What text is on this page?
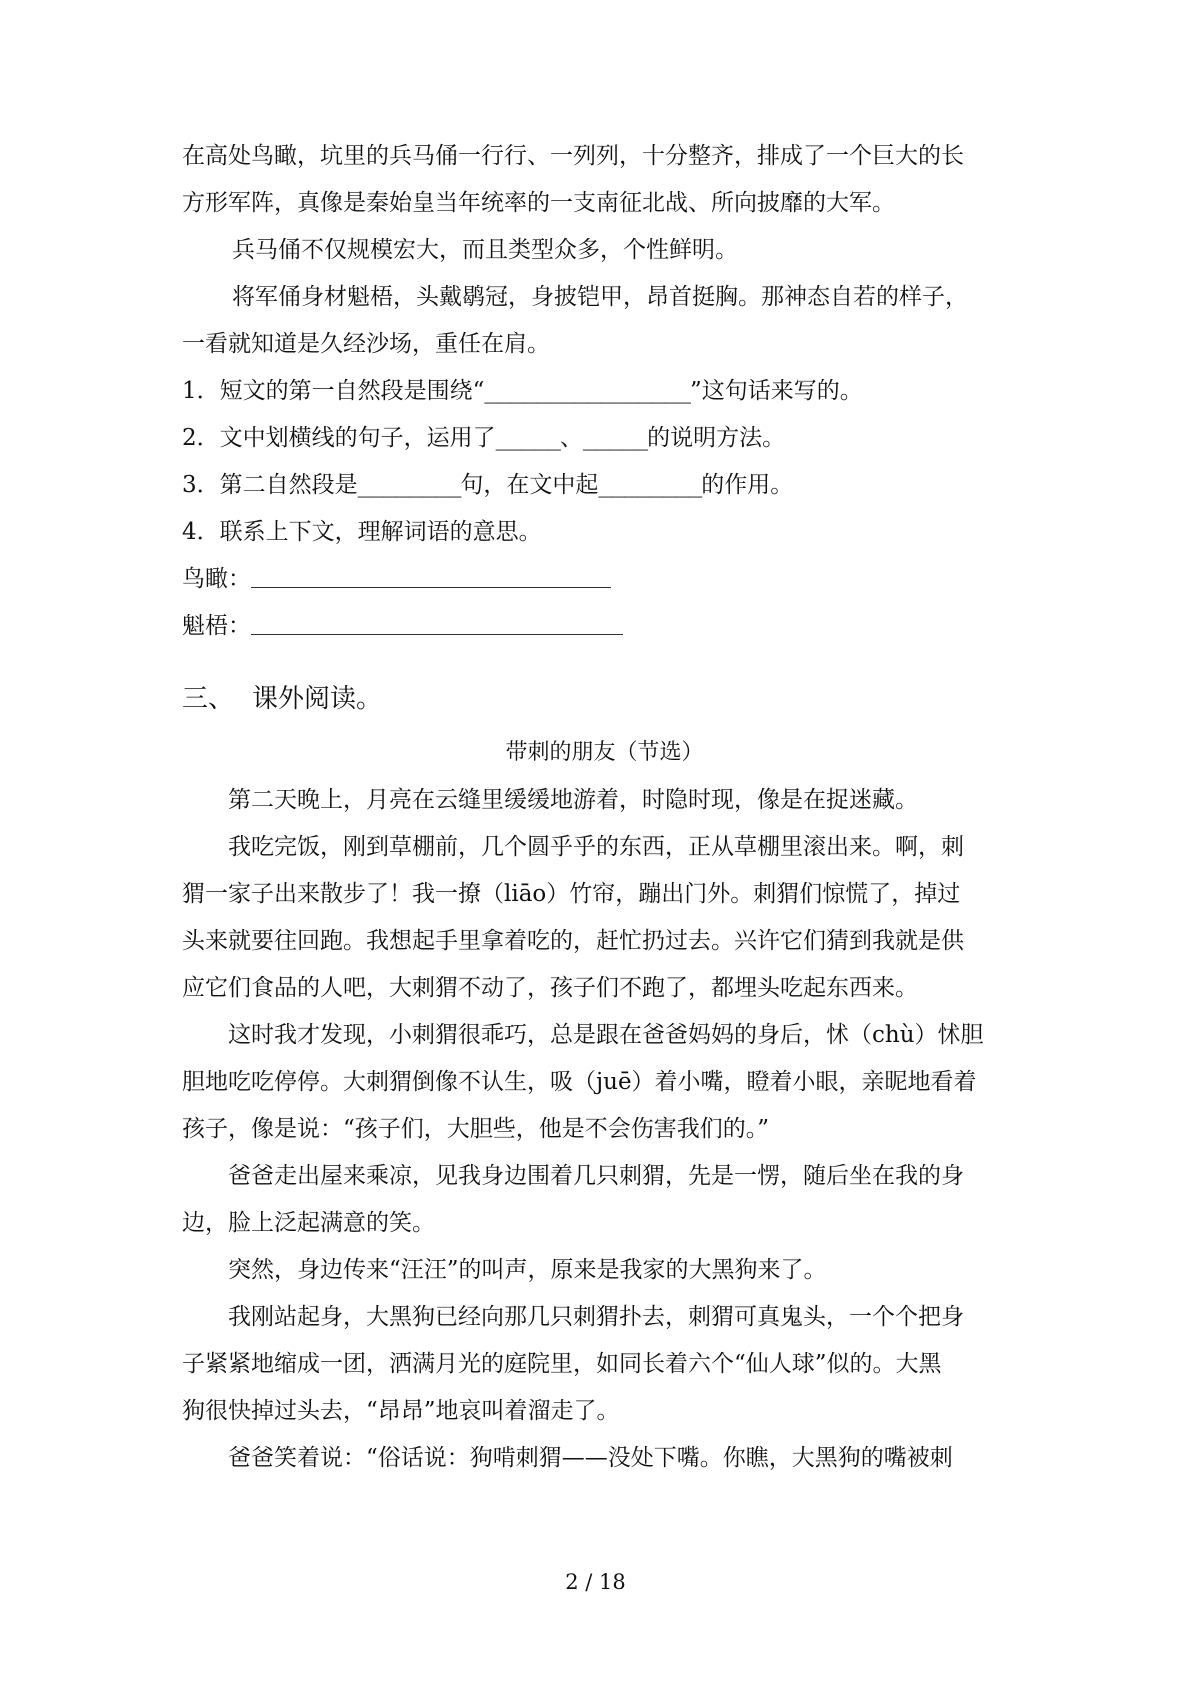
在高处鸟瞰，坑里的兵马俑一行行、一列列，十分整齐，排成了一个巨大的长
方形军阵，真像是秦始皇当年统率的一支南征北战、所向披靡的大军。
兵马俑不仅规模宏大，而且类型众多，个性鲜明。
将军俑身材魁梧，头戴鹖冠，身披铠甲，昂首挺胸。那神态自若的样子，
一看就知道是久经沙场，重任在肩。
1．短文的第一自然段是围绕“________________”这句话来写的。
2．文中划横线的句子，运用了_____、_____的说明方法。
3．第二自然段是________句，在文中起________的作用。
4．联系上下文，理解词语的意思。
鸟瞰：
魁梧：
三、 课外阅读。
带刺的朋友（节选）
第二天晚上，月亮在云缝里缓缓地游着，时隐时现，像是在捉迷藏。
我吃完饭，刚到草棚前，几个圆乎乎的东西，正从草棚里滚出来。啊，刺
猬一家子出来散步了！我一撩（liāo）竹帘，蹦出门外。刺猬们惊慌了，掉过
头来就要往回跑。我想起手里拿着吃的，赶忙扔过去。兴许它们猜到我就是供
应它们食品的人吧，大刺猬不动了，孩子们不跑了，都埋头吃起东西来。
这时我才发现，小刺猬很乖巧，总是跟在爸爸妈妈的身后，怵（chù）怵胆
胆地吃吃停停。大刺猬倒像不认生，吸（juē）着小嘴，瞪着小眼，亲昵地看着
孩子，像是说：“孩子们，大胆些，他是不会伤害我们的。”
爸爸走出屋来乘凉，见我身边围着几只刺猬，先是一愣，随后坐在我的身
边，脸上泛起满意的笑。
突然，身边传来“汪汪”的叫声，原来是我家的大黑狗来了。
我刚站起身，大黑狗已经向那几只刺猬扑去，刺猬可真鬼头，一个个把身
子紧紧地缩成一团，洒满月光的庭院里，如同长着六个“仙人球”似的。大黑
狗很快掉过头去，“昂昂”地哀叫着溜走了。
爸爸笑着说：“俗话说：狗啃刺猬——没处下嘴。你瞧，大黑狗的嘴被刺
2 / 18
